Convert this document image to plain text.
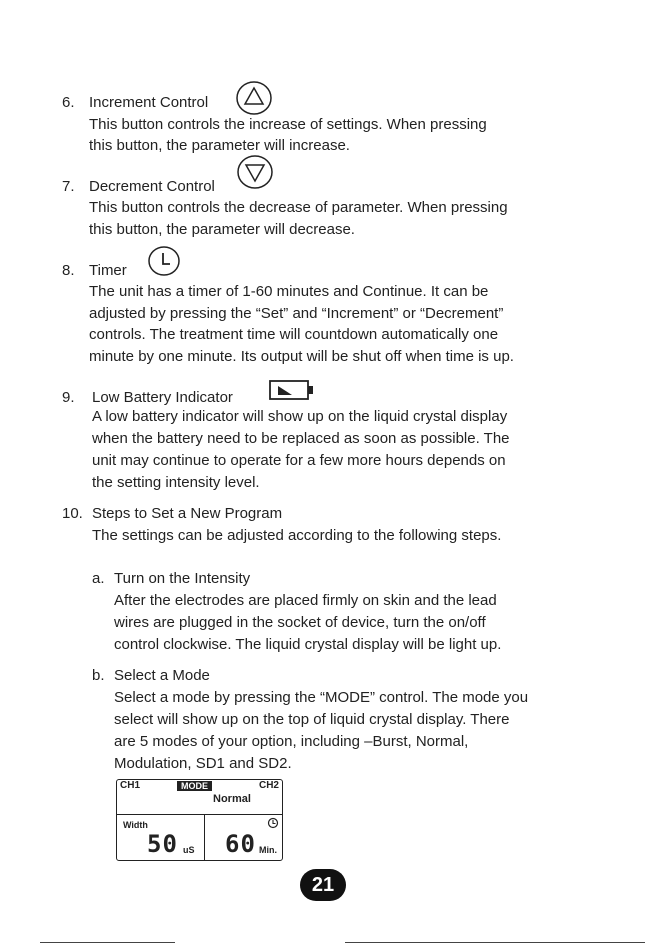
6. Increment Control
This button controls the increase of settings. When pressing
this button, the parameter will increase.
7. Decrement Control
This button controls the decrease of parameter. When pressing
this button, the parameter will decrease.
8. Timer
The unit has a timer of 1-60 minutes and Continue. It can be
adjusted by pressing the “Set” and “Increment” or “Decrement”
controls. The treatment time will countdown automatically one
minute by one minute. Its output will be shut off when time is up.
9. Low Battery Indicator
A low battery indicator will show up on the liquid crystal display
when the battery need to be replaced as soon as possible. The
unit may continue to operate for a few more hours depends on
the setting intensity level.
10. Steps to Set a New Program
The settings can be adjusted according to the following steps.
a. Turn on the Intensity
After the electrodes are placed firmly on skin and the lead
wires are plugged in the socket of device, turn the on/off
control clockwise. The liquid crystal display will be light up.
b. Select a Mode
Select a mode by pressing the “MODE” control. The mode you
select will show up on the top of liquid crystal display. There
are 5 modes of your option, including –Burst, Normal,
Modulation, SD1 and SD2.
CH1	MODE	CH2
Normal
Width
50 uS 60 Min.
21
